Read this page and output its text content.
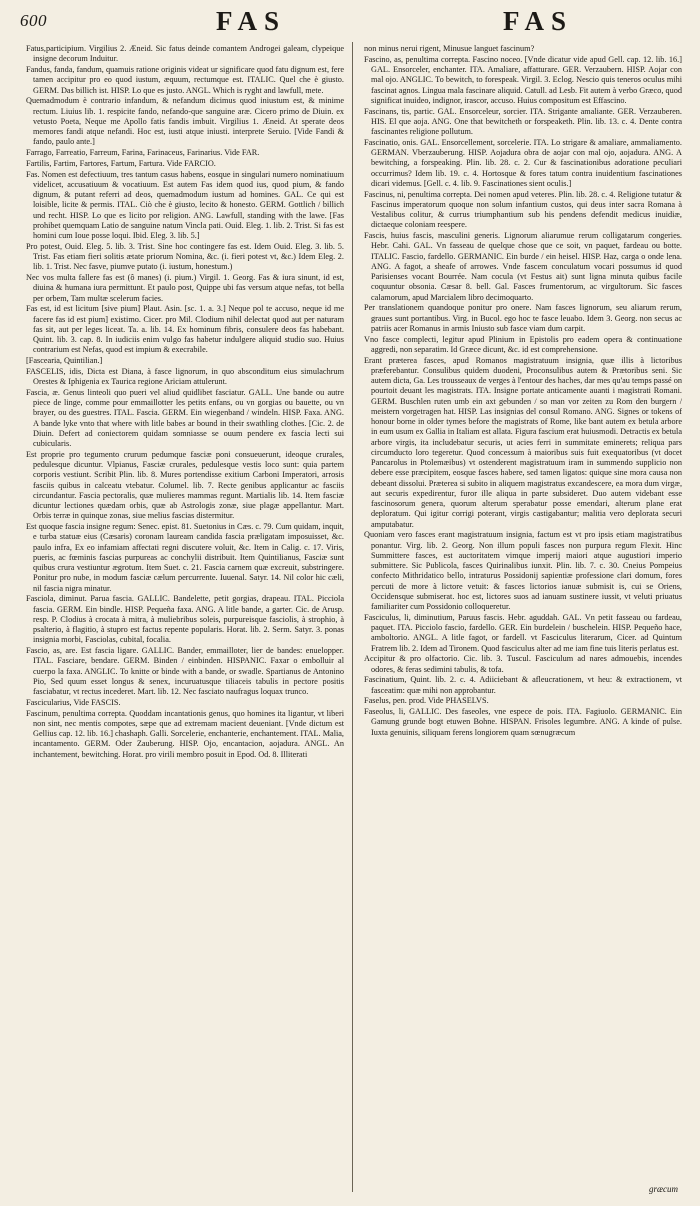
600	FAS	FAS

Fatus,participium. Virgilius 2. Æneid. Sic fatus deinde comantem Androgei galeam, clypeique insigne decorum Induitur.

Fandus, fanda, fandum, quamuis ratione originis videat ur significare quod fatu dignum est, fere tamen accipitur pro eo quod iustum, æquum, rectumque est. ITALIC. Quel che è giusto. GERM. Das billich ist. HISP. Lo que es justo. ANGL. Which is ryght and lawfull, mete.

Quemadmodum è contrario infandum, & nefandum dicimus quod iniustum est, & minime rectum. Liuius lib. 1. respicite fando, nefando-que sanguine aræ. Cicero primo de Diuin. ex vetusto Poeta, Neque me Apollo fatis fandis imbuit. Virgilius 1. Æneid. At sperate deos memores fandi atque nefandi. Hoc est, iusti atque iniusti. interprete Seruio. [Vide Fandi & fando, paulo ante.]

Farrago, Farreatio, Farreum, Farina, Farinaceus, Farinarius. Vide FAR.

Fartilis, Fartim, Fartores, Fartum, Fartura. Vide FARCIO.

Fas. Nomen est defectiuum, tres tantum casus habens, eosque in singulari numero nominatiuum videlicet, accusatiuum & vocatiuum. Est autem Fas idem quod ius, quod pium, & fando dignum, & putant referri ad deos, quemadmodum iustum ad homines. GAL. Ce qui est loisible, licite & permis. ITAL. Ciò che è giusto, lecito & honesto. GERM. Gottlich / billich und recht. HISP. Lo que es licito por religion. ANG. Lawfull, standing with the lawe. [Fas prohibet quemquam Latio de sanguine natum Vincla pati. Ouid. Eleg. 1. lib. 2. Trist. Si fas est homini cum Ioue posse loqui. Ibid. Eleg. 3. lib. 5.]

Pro potest, Ouid. Eleg. 5. lib. 3. Trist. Sine hoc contingere fas est. Idem Ouid. Eleg. 3. lib. 5. Trist. Fas etiam fieri solitis ætate priorum Nomina, &c. (i. fieri potest vt, &c.) Idem Eleg. 2. lib. 1. Trist. Nec fasve, piumve putato (i. iustum, honestum.)

Nec vos multa fallere fas est (ô manes) (i. pium.) Virgil. 1. Georg. Fas & iura sinunt, id est, diuina & humana iura permittunt. Et paulo post, Quippe ubi fas versum atque nefas, tot bella per orbem, Tam multæ scelerum facies.

Fas est, id est licitum [sive pium] Plaut. Asin. [sc. 1. a. 3.] Neque pol te accuso, neque id me facere fas id est pium] existimo. Cicer. pro Mil. Clodium nihil delectat quod aut per naturam fas sit, aut per leges liceat. Ta. a. lib. 14. Ex hominum fibris, consulere deos fas habebant. Quint. lib. 3. cap. 8. In iudiciis enim vulgo fas habetur indulgere aliquid studio suo. Huius contrarium est Nefas, quod est impium & execrabile.

[Fascearia, Quintilian.]

FASCELIS, idis, Dicta est Diana, à fasce lignorum, in quo absconditum eius simulachrum Orestes & Iphigenia ex Taurica regione Ariciam attulerunt.

Fascia, æ. Genus linteoli quo pueri vel aliud quidlibet fasciatur. GALL. Une bande ou autre piece de linge, comme pour emmaillotter les petits enfans, ou vn gorgias ou bauette, ou vn brayer, ou des guestres. ITAL. Fascia. GERM. Ein wiegenband / windeln. HISP. Faxa. ANG. A bande lyke vnto that where with litle babes ar bound in their swathling clothes. [Cic. 2. de Diuin. Defert ad coniectorem quidam somniasse se ouum pendere ex fascia lecti sui cubicularis.

Est proprie pro tegumento crurum pedumque fasciæ poni consueuerunt, ideoque crurales, pedulesque dicuntur. Vlpianus, Fasciæ crurales, pedulesque vestis loco sunt: quia partem corporis vestiunt. Scribit Plin. lib. 8. Mures portendisse exitium Carboni Imperatori, arrosis fasciis quibus in calceatu vtebatur. Columel. lib. 7. Recte genibus applicantur ac fasciis circundantur. Fascia pectoralis, quæ mulieres mammas regunt. Martialis lib. 14. Item fasciæ dicuntur lectiones quædam orbis, quæ ab Astrologis zonæ, siue plagæ appellantur. Mart. Orbis terræ in quinque zonas, siue melius fascias distermitur.

Est quoque fascia insigne regum: Senec. epist. 81. Suetonius in Cæs. c. 79. Cum quidam, inquit, e turba statuæ eius (Cæsaris) coronam lauream candida fascia præligatam imposuisset, &c. paulo infra, Ex eo infamiam affectati regni discutere voluit, &c. Item in Calig. c. 17. Viris, pueris, ac fœminis fascias purpureas ac conchylii distribuit. Item Quintilianus, Fasciæ sunt quibus crura vestiuntur ægrotum. Item Suet. c. 21. Fascia carnem quæ excreuit, substringere. Ponitur pro nube, in modum fasciæ cælum percurrente. Iuuenal. Satyr. 14. Nil color hic cæli, nil fascia nigra minatur.

Fasciola, diminut. Parua fascia. GALLIC. Bandelette, petit gorgias, drapeau. ITAL. Picciola fascia. GERM. Ein bindle. HISP. Pequeña faxa. ANG. A litle bande, a garter. Cic. de Arusp. resp. P. Clodius à crocata à mitra, à muliebribus soleis, purpureisque fasciolis, à strophio, à psalterio, à flagitio, à stupro est factus repente popularis. Horat. lib. 2. Serm. Satyr. 3. ponas insignia morbi, Fasciolas, cubital, focalia.

Fascio, as, are. Est fascia ligare. GALLIC. Bander, emmailloter, lier de bandes: enuelopper. ITAL. Fasciare, bendare. GERM. Binden / einbinden. HISPANIC. Faxar o embolluir al cuerpo la faxa. ANGLIC. To knitte or binde with a bande, or swadle. Spartianus de Antonino Pio, Sed quum esset longus & senex, incuruatusque tiliaceis tabulis in pectore positis fasciabatur, vt rectus incederet. Mart. lib. 12. Nec fasciato naufragus loquax trunco.

Fascicularius, Vide FASCIS.

Fascinum, penultima correpta. Quoddam incantationis genus, quo homines ita ligantur, vt liberi non sint, nec mentis compotes, sæpe que ad extremam macient deueniant. [Vnde dictum est Gellius cap. 12. lib. 16.] chashaph. Galli. Sorcelerie, enchanterie, enchantement. ITAL. Malia, incantamento. GERM. Oder Zauberung. HISP. Ojo, encantacion, aojadura. ANGL. An inchantement, bewitching. Horat. pro virili membro posuit in Epod. Od. 8. Illiterati

non minus nerui rigent, Minusue languet fascinum?

Fascino, as, penultima correpta. Fascino noceo. [Vnde dicatur vide apud Gell. cap. 12. lib. 16.] GAL. Ensorceler, enchanter. ITA. Amaliare, affatturare. GER. Verzaubern. HISP. Aojar con mal ojo. ANGLIC. To bewitch, to forespeak. Virgil. 3. Eclog. Nescio quis teneros oculus mihi fascinat agnos. Lingua mala fascinare aliquid. Catull. ad Lesb. Fit autem à verbo Græco, quod significat inuideo, indignor, irascor, accuso. Huius compositum est Effascino.

Fascinans, tis, partic. GAL. Ensorceleur, sorcier. ITA. Strigante amaliante. GER. Verzauberen. HIS. El que aoja. ANG. One that bewitcheth or forspeaketh. Plin. lib. 13. c. 4. Dente contra fascinantes religione pollutum.

Fascinatio, onis. GAL. Ensorcellement, sorcelerie. ITA. Lo strigare & amaliare, ammaliamento. GERMAN. Vberzauberung. HISP. Aojadura obra de aojar con mal ojo, aojadura. ANG. A bewitching, a forspeaking. Plin. lib. 28. c. 2. Cur & fascinationibus adoratione peculiari occurrimus? Idem lib. 19. c. 4. Hortosque & fores tatum contra inuidentium fascinationes dicari videmus. [Gell. c. 4. lib. 9. Fascinationes sient oculis.]

Fascinus, ni, penultima correpta. Dei nomen apud veteres. Plin. lib. 28. c. 4. Religione tutatur & Fascinus imperatorum quoque non solum infantium custos, qui deus inter sacra Romana à Vestalibus colitur, & currus triumphantium sub his pendens defendit medicus inuidiæ, dictaeque coloniam reespere.

Fascis, huius fascis, masculini generis. Lignorum aliarumue rerum colligatarum congeries. Hebr. Cahi. GAL. Vn fasseau de quelque chose que ce soit, vn paquet, fardeau ou botte. ITALIC. Fascio, fardello. GERMANIC. Ein burde / ein heisel. HISP. Haz, carga o onde lena. ANG. A fagot, a sheafe of arrowes. Vnde fascem conculatum vocari possumus id quod Parisienses vocant Bourrée. Nam cocula (vt Festus ait) sunt ligna minuta quibus facile coquuntur obsonia. Cæsar 8. bell. Gal. Fasces frumentorum, ac virgultorum. Sic fasces calamorum, apud Marcialem libro decimoquarto.

Per translationem quandoque ponitur pro onere. Nam fasces lignorum, seu aliarum rerum, graues sunt portantibus. Virg. in Bucol. ego hoc te fasce leuabo. Idem 3. Georg. non secus ac patriis acer Romanus in armis Iniusto sub fasce viam dum carpit.

Vno fasce complecti, legitur apud Plinium in Epistolis pro eadem opera & continuatione aggredi, non separatim. Id Græce dicunt, &c. id est comprehensione.

Erant præterea fasces, apud Romanos magistratuum insignia, quæ illis à lictoribus præferebantur. Consulibus quidem duodeni, Proconsulibus autem & Prætoribus seni. Sic autem dicta, Ga. Les trousseaux de verges à l'entour des haches, dar mes qu'au temps passé on pourtoit deuant les magistrats. ITA. Insigne portate anticamente auanti i magistrati Romani. GERM. Buschlen ruten umb ein axt gebunden / so man vor zeiten zu Rom den burgern / meistern vorgetragen hat. HISP. Las insignias del consul Romano. ANG. Signes or tokens of honour borne in older tymes before the magistrats of Rome, like bant autem ex betula arbore in eum usum ex Gallia in Italiam est allata. Figura fascium erat huiusmodi. Detractis ex betula arbore virgis, ita includebatur securis, ut acies ferri in summitate eminerets; reliqua pars circumducto loro tegeretur. Quod concessum à maioribus suis fuit exequatoribus (vt docet Pancarolus in Ptolemæibus) vt ostenderent magistratuum iram in summendo supplicio non debere esse præcipitem, eosque fasces habere, sed tamen ligatos: quique sine mora causa non debeant dissolui. Præterea si subito in aliquem magistratus excandescere, ea mora dum virgæ, aut securis expedirentur, furor ille aliqua in parte subsideret. Duo autem videbant esse fascinosorum genera, quorum alterum sperabatur posse emendari, alterum plane erat deploratum. Qui igitur corrigi poterant, virgis castigabantur; malitia vero deplorata securi amputabatur.

Quoniam vero fasces erant magistratuum insignia, factum est vt pro ipsis etiam magistratibus ponantur. Virg. lib. 2. Georg. Non illum populi fasces non purpura regum Flexit. Hinc Summittere fasces, est auctoritatem vimque imperij maiori atque augustiori imperio submittere. Sic Publicola, fasces Quirinalibus iunxit. Plin. lib. 7. c. 30. Cneius Pompeius confecto Mithridatico bello, intraturus Possidonij sapientiæ professione clari domum, fores percuti de more à lictore vetuit: & fasces lictorios ianuæ submisit is, cui se Oriens, Occidensque submiserat. hoc est, lictores suos ad ianuam sustinere iussit, vt veluti priuatus familiariter cum Possidonio colloqueretur.

Fasciculus, li, diminutium, Paruus fascis. Hebr. aguddah. GAL. Vn petit fasseau ou fardeau, paquet. ITA. Picciolo fascio, fardello. GER. Ein burdelein / buschelein. HISP. Pequeño hace, amboltorio. ANGL. A litle fagot, or fardell. vt Fasciculus literarum, Cicer. ad Quintum Fratrem lib. 2. Idem ad Tironem. Quod fasciculus alter ad me iam fine tuis literis perlatus est.

Accipitur & pro olfactorio. Cic. lib. 3. Tuscul. Fasciculum ad nares admouebis, incendes odores, & feras sedimini tabulis, & tofa.

Fascinatium, Quint. lib. 2. c. 4. Adiiciebant & afleucrationem, vt heu: & extractionem, vt fasceatim: quæ mihi non approbantur.

Faselus, pen. prod. Vide PHASELVS.

Faseolus, li, GALLIC. Des faseoles, vne espece de pois. ITA. Fagiuolo. GERMANIC. Ein Gamung grunde bogt etuwen Bohne. HISPAN. Frisoles legumbre. ANG. A kinde of pulse. Iuxta genuinis, siliquam ferens longiorem quam sœnugræcum

græcum
